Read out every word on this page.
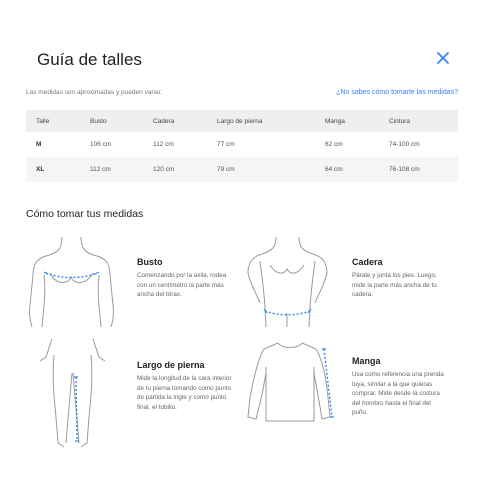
Guía de talles
Las medidas son aproximadas y pueden variar.	¿No sabes cómo tomarte las medidas?
Talle	Busto	Cadera	Largo de pierna	Manga	Cintura
M	106 cm	112 cm	77 cm	62 cm	74-100 cm
XL	112 cm	120 cm	79 cm	64 cm	76-108 cm
Cómo tomar tus medidas
Busto
Comenzando por la axila, rodea con un centímetro la parte más ancha del tórax.
Cadera
Párate y junta los pies. Luego, mide la parte más ancha de tu cadera.
Largo de pierna
Mide la longitud de la cara interior de tu pierna tomando como punto de partida la ingle y como punto final, el tobillo.
Manga
Usa como referencia una prenda tuya, similar a la que quieras comprar. Mide desde la costura del hombro hasta el final del puño.
